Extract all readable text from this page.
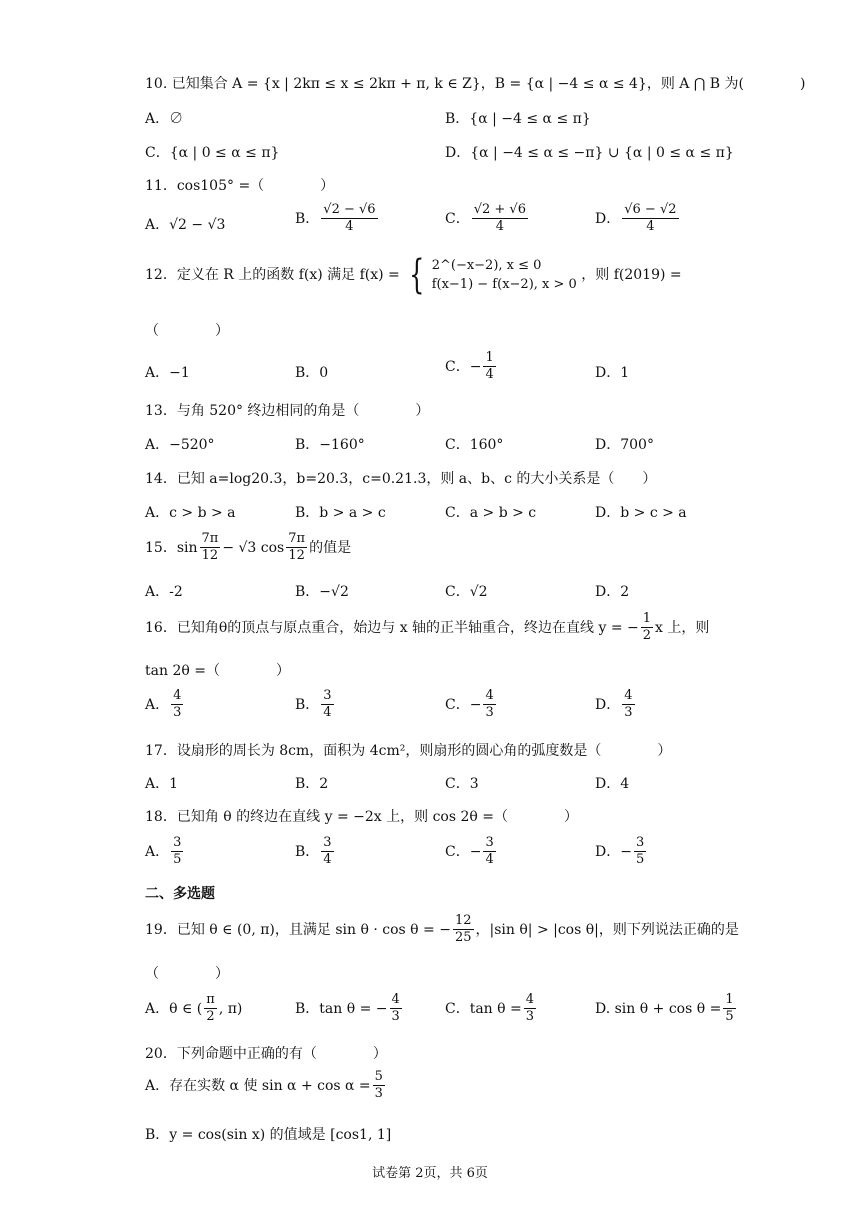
10. 已知集合 A = {x | 2kπ ≤ x ≤ 2kπ + π, k ∈ Z}，B = {α | −4 ≤ α ≤ 4}，则 A ⋂ B 为(　　　　)
A．∅	B．{α | −4 ≤ α ≤ π}
C．{α | 0 ≤ α ≤ π}	D．{α | −4 ≤ α ≤ −π} ∪ {α | 0 ≤ α ≤ π}
11．cos105° =（　　　　）
A．√2 − √3	B． $\frac{√2 - √6}{4}$	C． $\frac{√2 + √6}{4}$	D． $\frac{√6 - √2}{4}$
12．定义在 R 上的函数 f(x) 满足 f(x) = { 2^(−x−2), x ≤ 0
f(x−1) − f(x−2), x > 0
，则 f(2019) =
（　　　　）
A．−1	B．0	C．− $\frac{1}{4}$	D．1
13．与角 520° 终边相同的角是（　　　　）
A．−520°	B．−160°	C．160°	D．700°
14．已知 a=log20.3，b=20.3，c=0.21.3，则 a、b、c 的大小关系是（　　）
A．c > b > a	B．b > a > c	C．a > b > c	D．b > c > a
15．$\sin \frac{7\pi}{12} - √3$ $\cos \frac{7\pi}{12}$ 的值是
A．-2	B．−√2	C．√2	D．2
16．已知角θ的顶点与原点重合，始边与 x 轴的正半轴重合，终边在直线 y = − $\frac{1}{2}$ x 上，则
tan 2θ =（　　　　）
A． $\frac{4}{3}$	B． $\frac{3}{4}$	C．− $\frac{4}{3}$	D． $\frac{4}{3}$
17．设扇形的周长为 8cm，面积为 4cm²，则扇形的圆心角的弧度数是（　　　　）
A．1	B．2	C．3	D．4
18．已知角 θ 的终边在直线 y = −2x 上，则 cos 2θ =（　　　　）
A． $\frac{3}{5}$	B． $\frac{3}{4}$	C．− $\frac{3}{4}$	D．− $\frac{3}{5}$
二、多选题
19．已知 θ ∈ (0, π)，且满足 sin θ · cos θ = − $\frac{12}{25}$ ，|sin θ| > |cos θ|，则下列说法正确的是
（　　　　）
A．θ ∈ ( $\frac{\pi}{2}$ , π)	B．tan θ = − $\frac{4}{3}$	C．$\tan \theta = \frac{4}{3}$	D. $\sin \theta + \cos \theta = \frac{1}{5}$
20．下列命题中正确的有（　　　　）
A．存在实数 α 使 $\sin \alpha + \cos \alpha = \frac{5}{3}$
B．y = cos(sin x) 的值域是 [cos1, 1]
试卷第 2页，共 6页
